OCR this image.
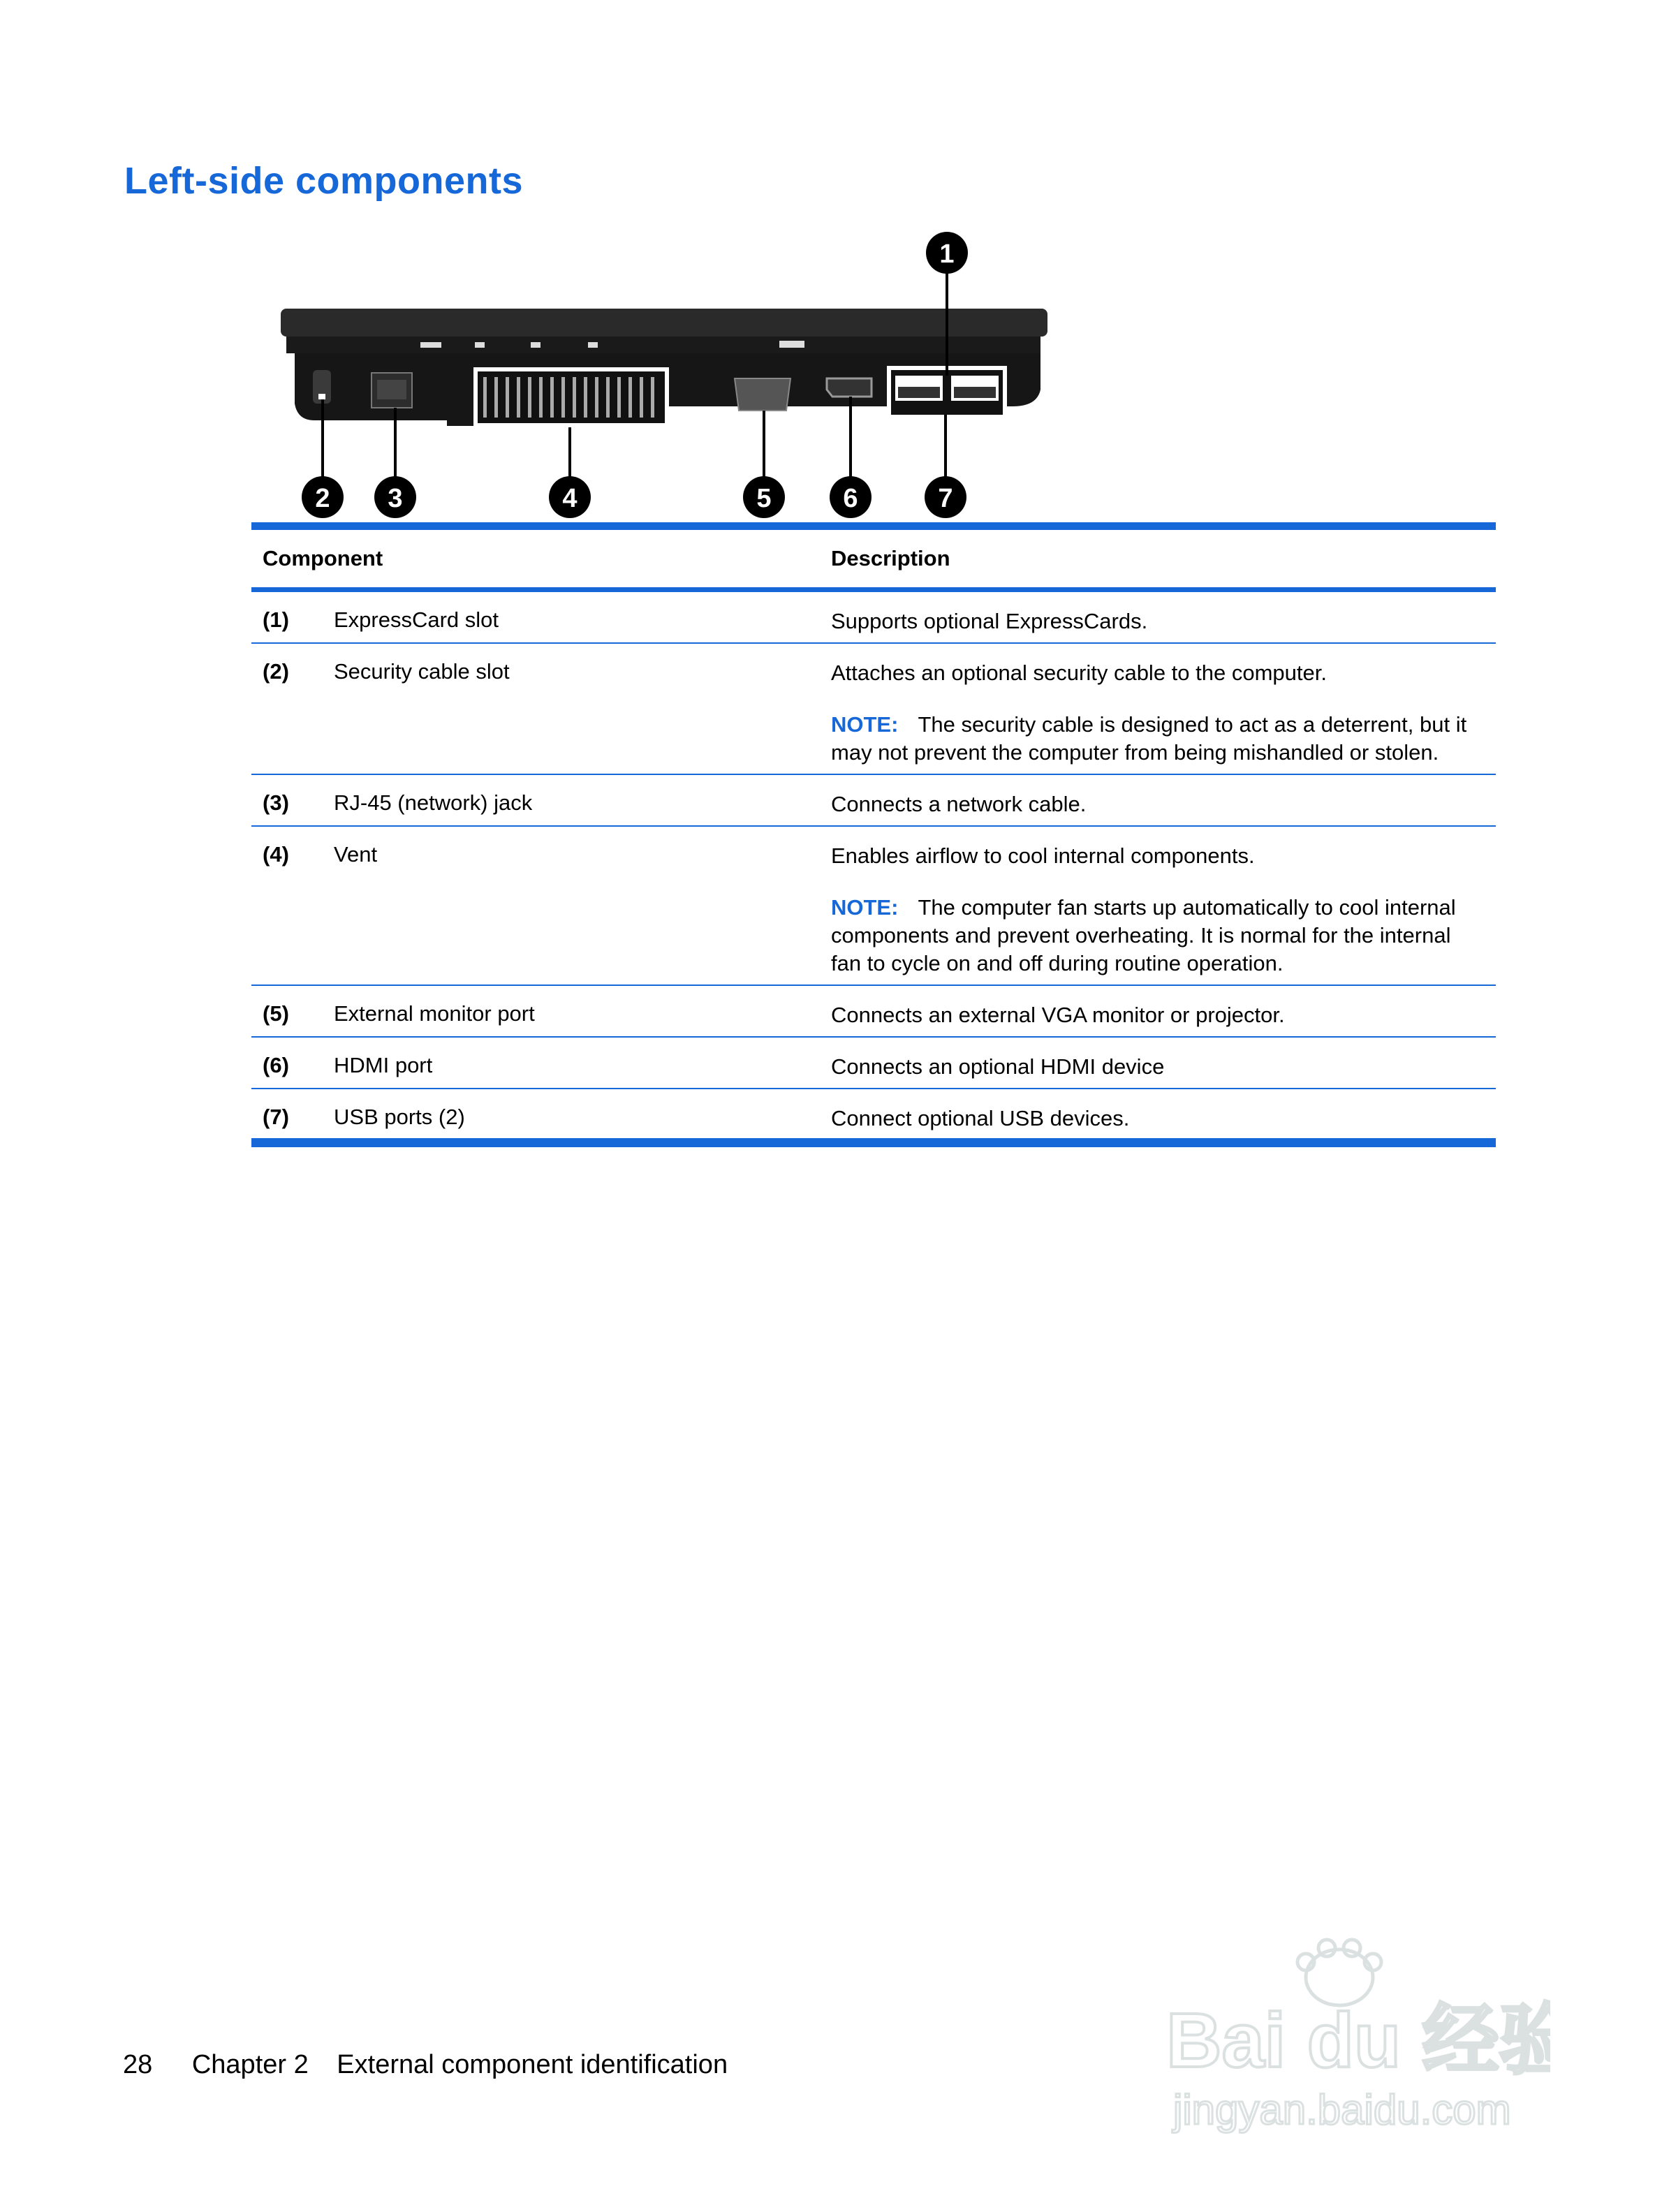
Left-side components
1
2 3	4	5	6	7
Component	Description
(1)	ExpressCard slot	Supports optional ExpressCards.

(2)	Security cable slot	Attaches an optional security cable to the computer.

NOTE: The security cable is designed to act as a deterrent, but it may not prevent the computer from being mishandled or stolen.

(3)	RJ-45 (network) jack	Connects a network cable.

(4)	Vent	Enables airflow to cool internal components.

NOTE: The computer fan starts up automatically to cool internal components and prevent overheating. It is normal for the internal fan to cycle on and off during routine operation.

(5)	External monitor port	Connects an external VGA monitor or projector.

(6)	HDMI port	Connects an optional HDMI device

(7)	USB ports (2)	Connect optional USB devices.

28 Chapter 2 External component identification	Bai du 经验
jingyan.baidu.com
